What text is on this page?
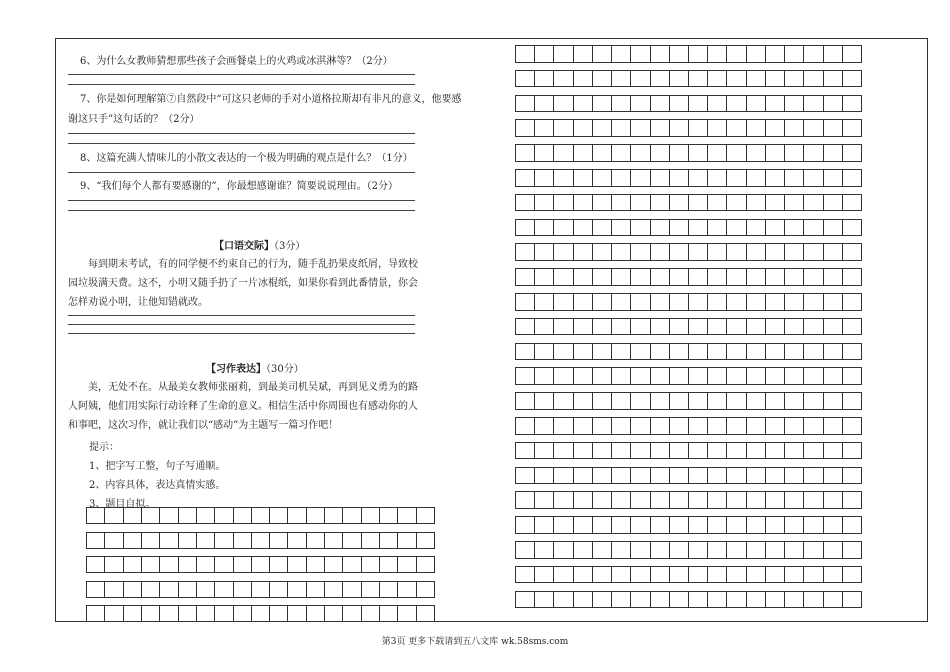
6、为什么女教师猜想那些孩子会画餐桌上的火鸡或冰淇淋等？（2分）
7、你是如何理解第⑦自然段中“可这只老师的手对小道格拉斯却有非凡的意义，他要感
谢这只手”这句话的？（2分）
8、这篇充满人情味儿的小散文表达的一个极为明确的观点是什么？（1分）
9、“我们每个人都有要感谢的”，你最想感谢谁？简要说说理由。（2分）
【口语交际】（3分）
每到期末考试，有的同学便不约束自己的行为，随手乱扔果皮纸屑，导致校园垃圾满天费。这不，小明又随手扔了一片冰棍纸，如果你看到此番情景，你会怎样劝说小明，让他知错就改。
【习作表达】（30分）
美，无处不在。从最美女教师张丽莉，到最美司机吴斌，再到见义勇为的路人阿姨，他们用实际行动诠释了生命的意义。相信生活中你周围也有感动你的人和事吧，这次习作，就让我们以“感动”为主题写一篇习作吧！
提示：
1、把字写工整，句子写通顺。
2、内容具体，表达真情实感。
3、题目自拟。
第3页 更多下载请到五八文库 wk.58sms.com
